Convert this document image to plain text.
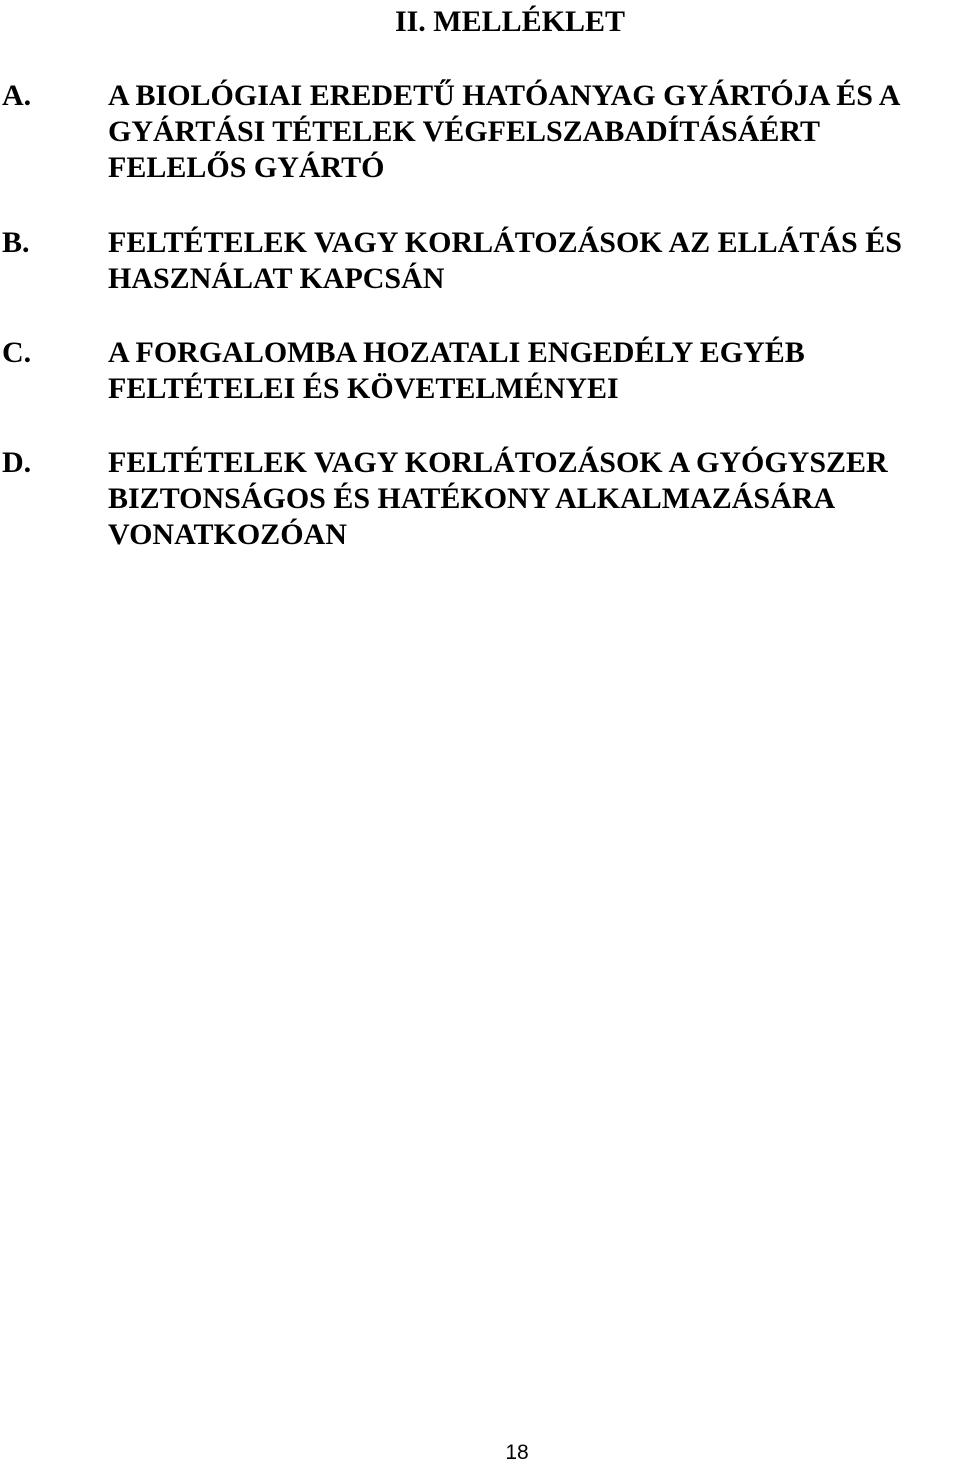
II. MELLÉKLET
A.	A BIOLÓGIAI EREDETŰ HATÓANYAG GYÁRTÓJA ÉS A
GYÁRTÁSI TÉTELEK VÉGFELSZABADÍTÁSÁÉRT
FELELŐS GYÁRTÓ
B.	FELTÉTELEK VAGY KORLÁTOZÁSOK AZ ELLÁTÁS ÉS
HASZNÁLAT KAPCSÁN
C.	A FORGALOMBA HOZATALI ENGEDÉLY EGYÉB
FELTÉTELEI ÉS KÖVETELMÉNYEI
D.	FELTÉTELEK VAGY KORLÁTOZÁSOK A GYÓGYSZER
BIZTONSÁGOS ÉS HATÉKONY ALKALMAZÁSÁRA
VONATKOZÓAN
18
